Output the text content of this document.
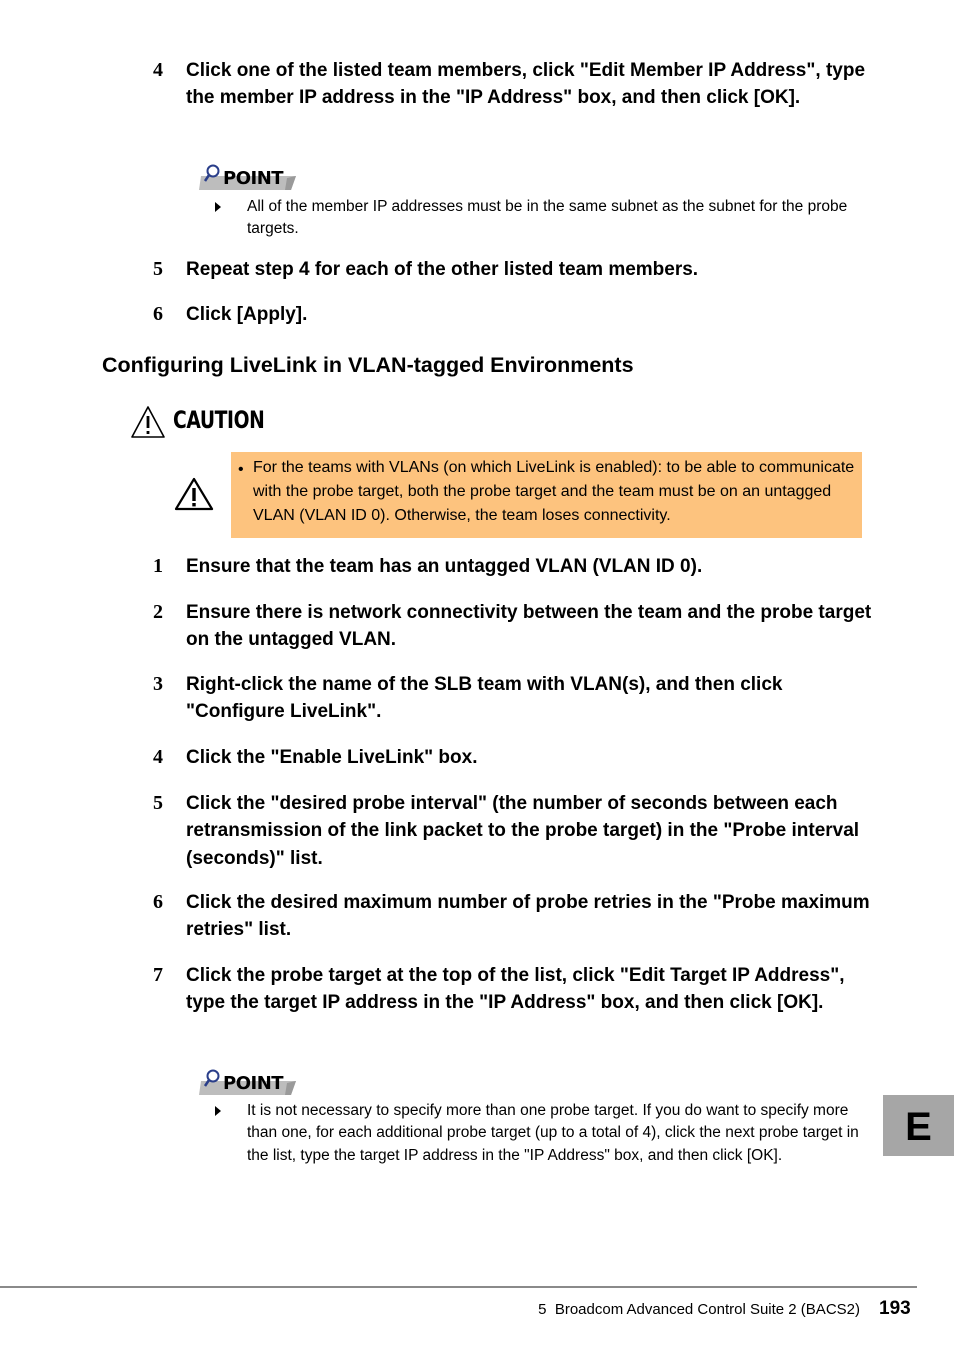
4 Click one of the listed team members, click "Edit Member IP Address", type the member IP address in the "IP Address" box, and then click [OK].
POINT
All of the member IP addresses must be in the same subnet as the subnet for the probe targets.
5 Repeat step 4 for each of the other listed team members.
6 Click [Apply].
Configuring LiveLink in VLAN-tagged Environments
CAUTION
• For the teams with VLANs (on which LiveLink is enabled): to be able to communicate with the probe target, both the probe target and the team must be on an untagged VLAN (VLAN ID 0). Otherwise, the team loses connectivity.
1 Ensure that the team has an untagged VLAN (VLAN ID 0).
2 Ensure there is network connectivity between the team and the probe target on the untagged VLAN.
3 Right-click the name of the SLB team with VLAN(s), and then click "Configure LiveLink".
4 Click the "Enable LiveLink" box.
5 Click the "desired probe interval" (the number of seconds between each retransmission of the link packet to the probe target) in the "Probe interval (seconds)" list.
6 Click the desired maximum number of probe retries in the "Probe maximum retries" list.
7 Click the probe target at the top of the list, click "Edit Target IP Address", type the target IP address in the "IP Address" box, and then click [OK].
POINT
It is not necessary to specify more than one probe target. If you do want to specify more than one, for each additional probe target (up to a total of 4), click the next probe target in the list, type the target IP address in the "IP Address" box, and then click [OK].
E
5  Broadcom Advanced Control Suite 2 (BACS2) 193
